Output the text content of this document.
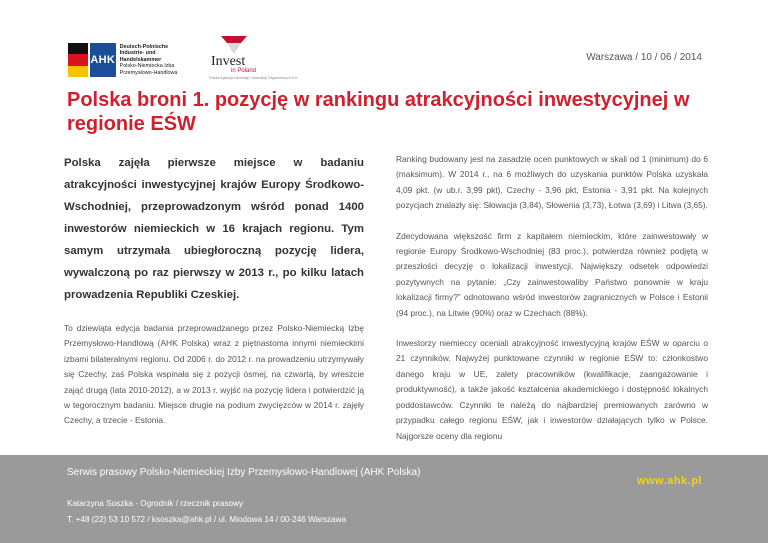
AHK
Deutsch-Polnische
Industrie- und Handelskammer
Polsko-Niemiecka Izba
Przemysłowo-Handlowa
Invest
in Poland
Polska Agencja Informacji i Inwestycji Zagranicznych S.A.
Warszawa / 10 / 06 / 2014
Polska broni 1. pozycję w rankingu atrakcyjności inwestycyjnej w regionie EŚW

Polska zajęła pierwsze miejsce w badaniu atrakcyjności inwestycyjnej krajów Europy Środkowo-Wschodniej, przeprowadzonym wśród ponad 1400 inwestorów niemieckich w 16 krajach regionu. Tym samym utrzymała ubiegłoroczną pozycję lidera, wywalczoną po raz pierwszy w 2013 r., po kilku latach prowadzenia Republiki Czeskiej.

To dziewiąta edycja badania przeprowadzanego przez Polsko-Niemiecką Izbę Przemysłowo-Handlową (AHK Polska) wraz z piętnastoma innymi niemieckimi izbami bilateralnymi regionu. Od 2006 r. do 2012 r. na prowadzeniu utrzymywały się Czechy, zaś Polska wspinała się z pozycji ósmej, na czwartą, by wreszcie zająć drugą (lata 2010-2012), a w 2013 r. wyjść na pozycję lidera i potwierdzić ją w tegorocznym badaniu. Miejsce drugie na podium zwycięzców w 2014 r. zajęły Czechy, a trzecie - Estonia.

Ranking budowany jest na zasadzie ocen punktowych w skali od 1 (minimum) do 6 (maksimum). W 2014 r., na 6 możliwych do uzyskania punktów Polska uzyskała 4,09 pkt. (w ub.r. 3,99 pkt), Czechy - 3,96 pkt, Estonia - 3,91 pkt. Na kolejnych pozycjach znalazły się: Słowacja (3,84), Słowenia (3,73), Łotwa (3,69) i Litwa (3,65).

Zdecydowana większość firm z kapitałem niemieckim, które zainwestowały w regionie Europy Środkowo-Wschodniej (83 proc.), potwierdza również podjętą w przeszłości decyzję o lokalizacji inwestycji. Największy odsetek odpowiedzi pozytywnych na pytanie: „Czy zainwestowaliby Państwo ponownie w kraju lokalizacji firmy?” odnotowano wśród inwestorów zagranicznych w Polsce i Estonii (94 proc.), na Litwie (90%) oraz w Czechach (88%).

Inwestorzy niemieccy oceniali atrakcyjność inwestycyjną krajów EŚW w oparciu o 21 czynników. Najwyżej punktowane czynniki w regionie EŚW to: członkostwo danego kraju w UE, zalety pracowników (kwalifikacje, zaangażowanie i produktywność), a także jakość kształcenia akademickiego i dostępność lokalnych poddostawców. Czynniki te należą do najbardziej premiowanych zarówno w przypadku całego regionu EŚW, jak i inwestorów działających tylko w Polsce. Najgorsze oceny dla regionu

Serwis prasowy Polsko-Niemieckiej Izby Przemysłowo-Handlowej (AHK Polska)
www.ahk.pl
Katarzyna Soszka - Ogrodnik / rzecznik prasowy
T. +48 (22) 53 10 572 / ksoszka@ahk.pl / ul. Miodowa 14 / 00-246 Warszawa
